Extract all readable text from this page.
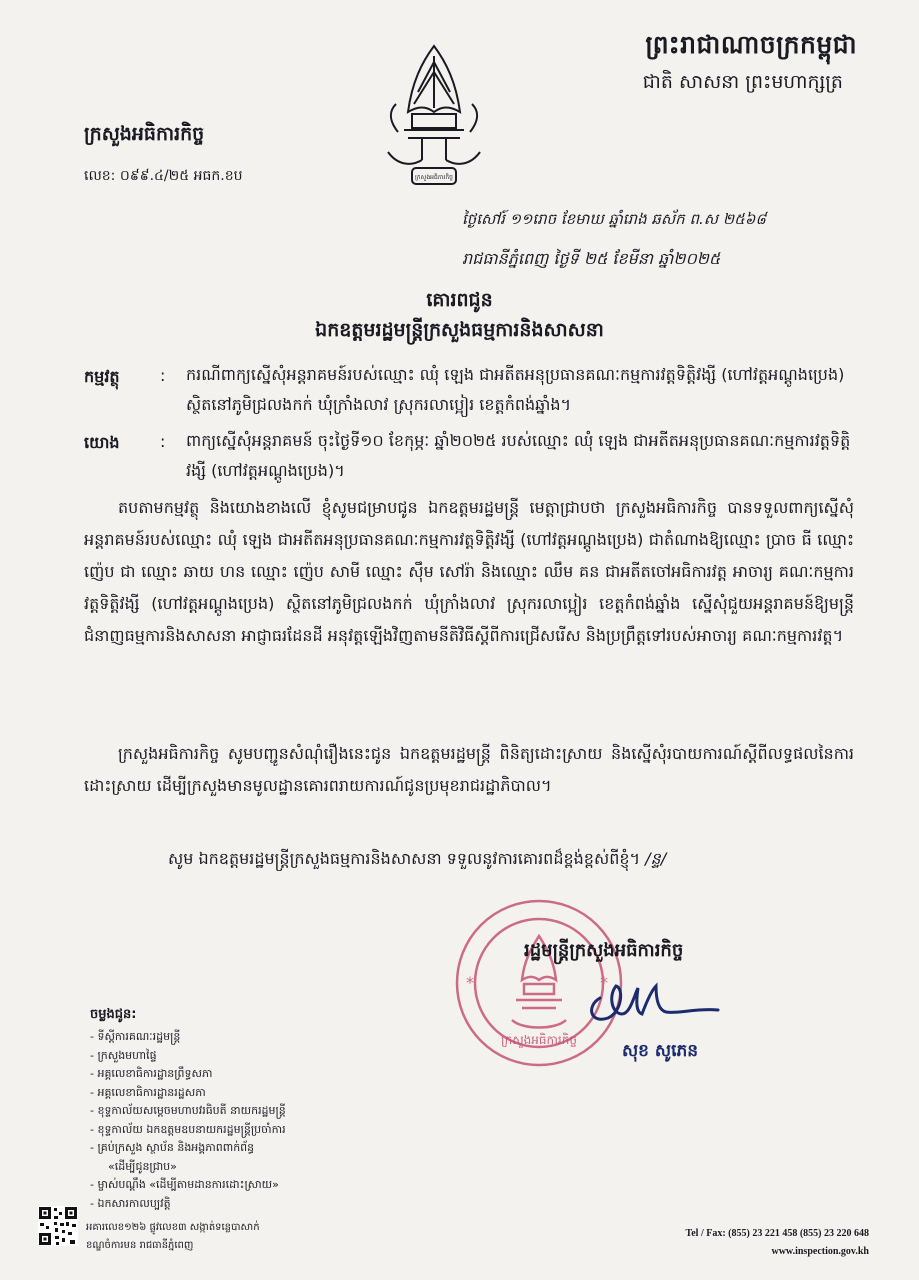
ព្រះរាជាណាចក្រកម្ពុជា
ជាតិ សាសនា ព្រះមហាក្សត្រ
ក្រសួងអធិការកិច្ច
ក្រសួងអធិការកិច្ច
លេខ: ០៩៩.៤/២៥ អធក.ខប
ថ្ងៃសៅរ៍ ១១រោច ខែមាឃ ឆ្នាំរោង ឆស័ក ព.ស ២៥៦៨
រាជធានីភ្នំពេញ ថ្ងៃទី ២៥ ខែមីនា ឆ្នាំ២០២៥
គោរពជូន
ឯកឧត្តមរដ្ឋមន្ត្រីក្រសួងធម្មការនិងសាសនា
កម្មវត្ថុ	: ករណីពាក្យស្នើសុំអន្តរាគមន៍របស់ឈ្មោះ ឈុំ ឡេង ជាអតីតអនុប្រធានគណៈកម្មការវត្តទិត្តិវង្សី (ហៅវត្តអណ្តូងប្រេង) ស្ថិតនៅភូមិជ្រលងកក់ ឃុំក្រាំងលាវ ស្រុករលាប្អៀរ ខេត្តកំពង់ឆ្នាំង។
យោង	: ពាក្យស្នើសុំអន្តរាគមន៍ ចុះថ្ងៃទី១០ ខែកុម្ភៈ ឆ្នាំ២០២៥ របស់ឈ្មោះ ឈុំ ឡេង ជាអតីតអនុប្រធានគណៈកម្មការវត្តទិត្តិវង្សី (ហៅវត្តអណ្តូងប្រេង)។
តបតាមកម្មវត្ថុ និងយោងខាងលើ ខ្ញុំសូមជម្រាបជូន ឯកឧត្តមរដ្ឋមន្ត្រី មេត្តាជ្រាបថា ក្រសួងអធិការកិច្ច បានទទួលពាក្យស្នើសុំអន្តរាគមន៍របស់ឈ្មោះ ឈុំ ឡេង ជាអតីតអនុប្រធានគណៈកម្មការវត្តទិត្តិវង្សី (ហៅវត្តអណ្តូងប្រេង) ជាតំណាងឱ្យឈ្មោះ ប្រាច ធី ឈ្មោះ ញ៉េប ជា ឈ្មោះ ឆាយ ហន ឈ្មោះ ញ៉េប សាមី ឈ្មោះ ស៊ឹម សៅរ៉ា និងឈ្មោះ ឈឹម គន ជាអតីតចៅអធិការវត្ត អាចារ្យ គណៈកម្មការវត្តទិត្តិវង្សី (ហៅវត្តអណ្តូងប្រេង) ស្ថិតនៅភូមិជ្រលងកក់ ឃុំក្រាំងលាវ ស្រុករលាប្អៀរ ខេត្តកំពង់ឆ្នាំង ស្នើសុំជួយអន្តរាគមន៍ឱ្យមន្ត្រីជំនាញធម្មការនិងសាសនា អាជ្ញាធរដែនដី អនុវត្តឡើងវិញតាមនីតិវិធីស្តីពីការជ្រើសរើស និងប្រព្រឹត្តទៅរបស់អាចារ្យ គណៈកម្មការវត្ត។
ក្រសួងអធិការកិច្ច សូមបញ្ជូនសំណុំរឿងនេះជូន ឯកឧត្តមរដ្ឋមន្ត្រី ពិនិត្យដោះស្រាយ និងស្នើសុំរបាយការណ៍ស្តីពីលទ្ធផលនៃការដោះស្រាយ ដើម្បីក្រសួងមានមូលដ្ឋានគោរពរាយការណ៍ជូនប្រមុខរាជរដ្ឋាភិបាល។
សូម ឯកឧត្តមរដ្ឋមន្ត្រីក្រសួងធម្មការនិងសាសនា ទទួលនូវការគោរពដ៏ខ្ពង់ខ្ពស់ពីខ្ញុំ។ /ន្ទ/
*	*
ក្រសួងអធិការកិច្ច
រដ្ឋមន្ត្រីក្រសួងអធិការកិច្ច
សុខ សូភេន
ចម្លងជូន:
- ទីស្តីការគណៈរដ្ឋមន្ត្រី
- ក្រសួងមហាផ្ទៃ
- អគ្គលេខាធិការដ្ឋានព្រឹទ្ធសភា
- អគ្គលេខាធិការដ្ឋានរដ្ឋសភា
- ខុទ្ទកាល័យសម្តេចមហាបវរធិបតី នាយករដ្ឋមន្ត្រី
- ខុទ្ទកាល័យ ឯកឧត្តមឧបនាយករដ្ឋមន្ត្រីប្រចាំការ
- គ្រប់ក្រសួង ស្ថាប័ន និងអង្គភាពពាក់ព័ន្ធ
«ដើម្បីជូនជ្រាប»
- ម្ចាស់បណ្តឹង «ដើម្បីតាមដានការដោះស្រាយ»
- ឯកសារកាលប្បវត្តិ
អគារលេខ១២៦ ផ្លូវលេខ៣ សង្កាត់ទន្លេបាសាក់
ខណ្ឌចំការមន រាជធានីភ្នំពេញ
Tel / Fax: (855) 23 221 458 (855) 23 220 648
www.inspection.gov.kh
